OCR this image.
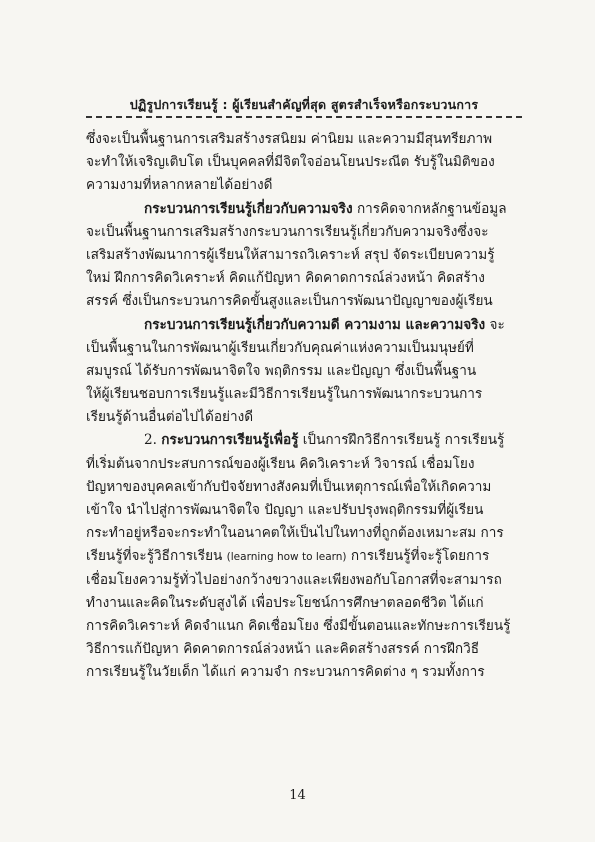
ปฏิรูปการเรียนรู้ : ผู้เรียนสำคัญที่สุด สูตรสำเร็จหรือกระบวนการ
ซึ่งจะเป็นพื้นฐานการเสริมสร้างรสนิยม ค่านิยม และความมีสุนทรียภาพ
จะทำให้เจริญเติบโต เป็นบุคคลที่มีจิตใจอ่อนโยนประณีต รับรู้ในมิติของ
ความงามที่หลากหลายได้อย่างดี
กระบวนการเรียนรู้เกี่ยวกับความจริง การคิดจากหลักฐานข้อมูล
จะเป็นพื้นฐานการเสริมสร้างกระบวนการเรียนรู้เกี่ยวกับความจริงซึ่งจะ
เสริมสร้างพัฒนาการผู้เรียนให้สามารถวิเคราะห์ สรุป จัดระเบียบความรู้
ใหม่ ฝึกการคิดวิเคราะห์ คิดแก้ปัญหา คิดคาดการณ์ล่วงหน้า คิดสร้าง
สรรค์ ซึ่งเป็นกระบวนการคิดขั้นสูงและเป็นการพัฒนาปัญญาของผู้เรียน
กระบวนการเรียนรู้เกี่ยวกับความดี ความงาม และความจริง จะ
เป็นพื้นฐานในการพัฒนาผู้เรียนเกี่ยวกับคุณค่าแห่งความเป็นมนุษย์ที่
สมบูรณ์ ได้รับการพัฒนาจิตใจ พฤติกรรม และปัญญา ซึ่งเป็นพื้นฐาน
ให้ผู้เรียนชอบการเรียนรู้และมีวิธีการเรียนรู้ในการพัฒนากระบวนการ
เรียนรู้ด้านอื่นต่อไปได้อย่างดี
2. กระบวนการเรียนรู้เพื่อรู้ เป็นการฝึกวิธีการเรียนรู้ การเรียนรู้
ที่เริ่มต้นจากประสบการณ์ของผู้เรียน คิดวิเคราะห์ วิจารณ์ เชื่อมโยง
ปัญหาของบุคคลเข้ากับปัจจัยทางสังคมที่เป็นเหตุการณ์เพื่อให้เกิดความ
เข้าใจ นำไปสู่การพัฒนาจิตใจ ปัญญา และปรับปรุงพฤติกรรมที่ผู้เรียน
กระทำอยู่หรือจะกระทำในอนาคตให้เป็นไปในทางที่ถูกต้องเหมาะสม การ
เรียนรู้ที่จะรู้วิธีการเรียน (learning how to learn) การเรียนรู้ที่จะรู้โดยการ
เชื่อมโยงความรู้ทั่วไปอย่างกว้างขวางและเพียงพอกับโอกาสที่จะสามารถ
ทำงานและคิดในระดับสูงได้ เพื่อประโยชน์การศึกษาตลอดชีวิต ได้แก่
การคิดวิเคราะห์ คิดจำแนก คิดเชื่อมโยง ซึ่งมีขั้นตอนและทักษะการเรียนรู้
วิธีการแก้ปัญหา คิดคาดการณ์ล่วงหน้า และคิดสร้างสรรค์ การฝึกวิธี
การเรียนรู้ในวัยเด็ก ได้แก่ ความจำ กระบวนการคิดต่าง ๆ รวมทั้งการ
14
